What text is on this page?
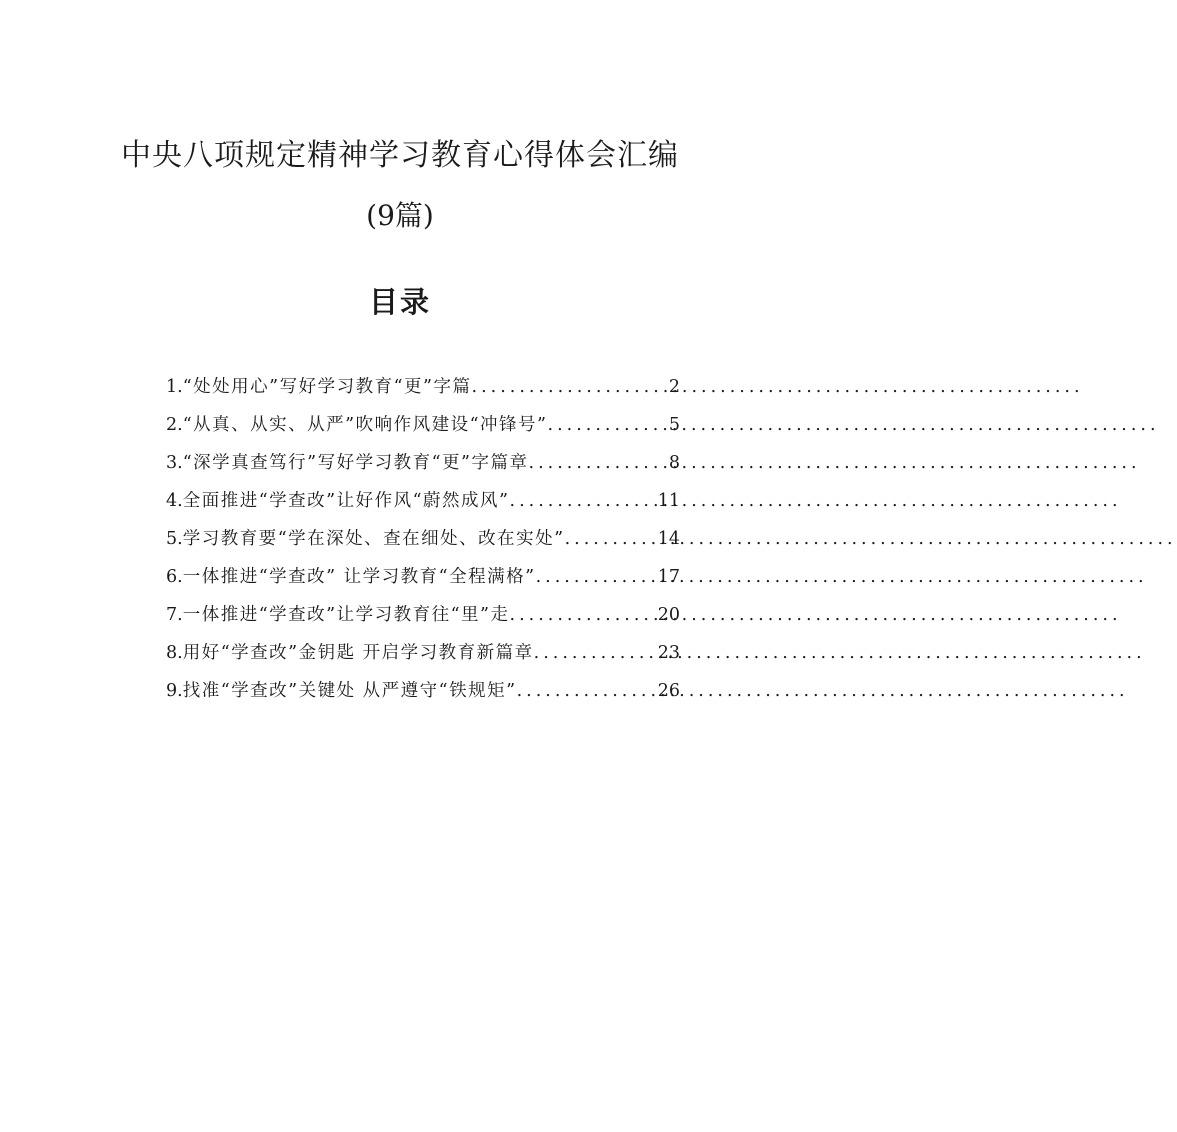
中央八项规定精神学习教育心得体会汇编
(9篇)
目录
1. “处处用心”写好学习教育“更”字篇 .....	2
2. “从真、从实、从严”吹响作风建设“冲锋号” .....	5
3. “深学真查笃行”写好学习教育“更”字篇章 .....	8
4. 全面推进“学查改”让好作风“蔚然成风” .....	11
5. 学习教育要“学在深处、查在细处、改在实处” .....	14
6. 一体推进“学查改” 让学习教育“全程满格” .....	17
7. 一体推进“学查改”让学习教育往“里”走 .....	20
8. 用好“学查改”金钥匙 开启学习教育新篇章 .....	23
9. 找准“学查改”关键处 从严遵守“铁规矩” .....	26
